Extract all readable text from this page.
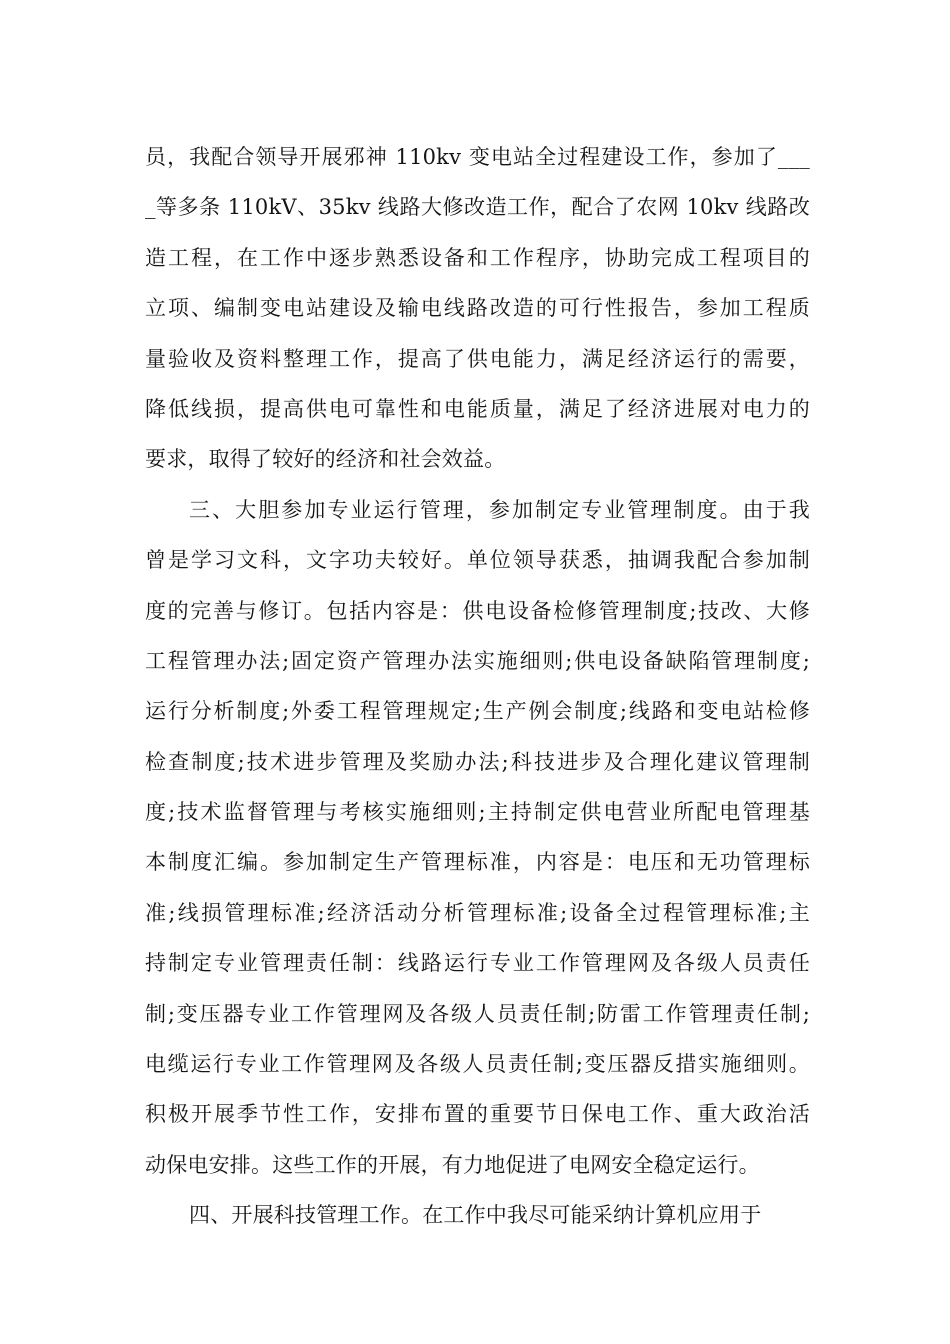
员，我配合领导开展邪神 110kv 变电站全过程建设工作，参加了___
_等多条 110kV、35kv 线路大修改造工作，配合了农网 10kv 线路改
造工程，在工作中逐步熟悉设备和工作程序，协助完成工程项目的
立项、编制变电站建设及输电线路改造的可行性报告，参加工程质
量验收及资料整理工作，提高了供电能力，满足经济运行的需要，
降低线损，提高供电可靠性和电能质量，满足了经济进展对电力的
要求，取得了较好的经济和社会效益。
三、大胆参加专业运行管理，参加制定专业管理制度。由于我
曾是学习文科，文字功夫较好。单位领导获悉，抽调我配合参加制
度的完善与修订。包括内容是：供电设备检修管理制度;技改、大修
工程管理办法;固定资产管理办法实施细则;供电设备缺陷管理制度;
运行分析制度;外委工程管理规定;生产例会制度;线路和变电站检修
检查制度;技术进步管理及奖励办法;科技进步及合理化建议管理制
度;技术监督管理与考核实施细则;主持制定供电营业所配电管理基
本制度汇编。参加制定生产管理标准，内容是：电压和无功管理标
准;线损管理标准;经济活动分析管理标准;设备全过程管理标准;主
持制定专业管理责任制：线路运行专业工作管理网及各级人员责任
制;变压器专业工作管理网及各级人员责任制;防雷工作管理责任制;
电缆运行专业工作管理网及各级人员责任制;变压器反措实施细则。
积极开展季节性工作，安排布置的重要节日保电工作、重大政治活
动保电安排。这些工作的开展，有力地促进了电网安全稳定运行。
四、开展科技管理工作。在工作中我尽可能采纳计算机应用于
